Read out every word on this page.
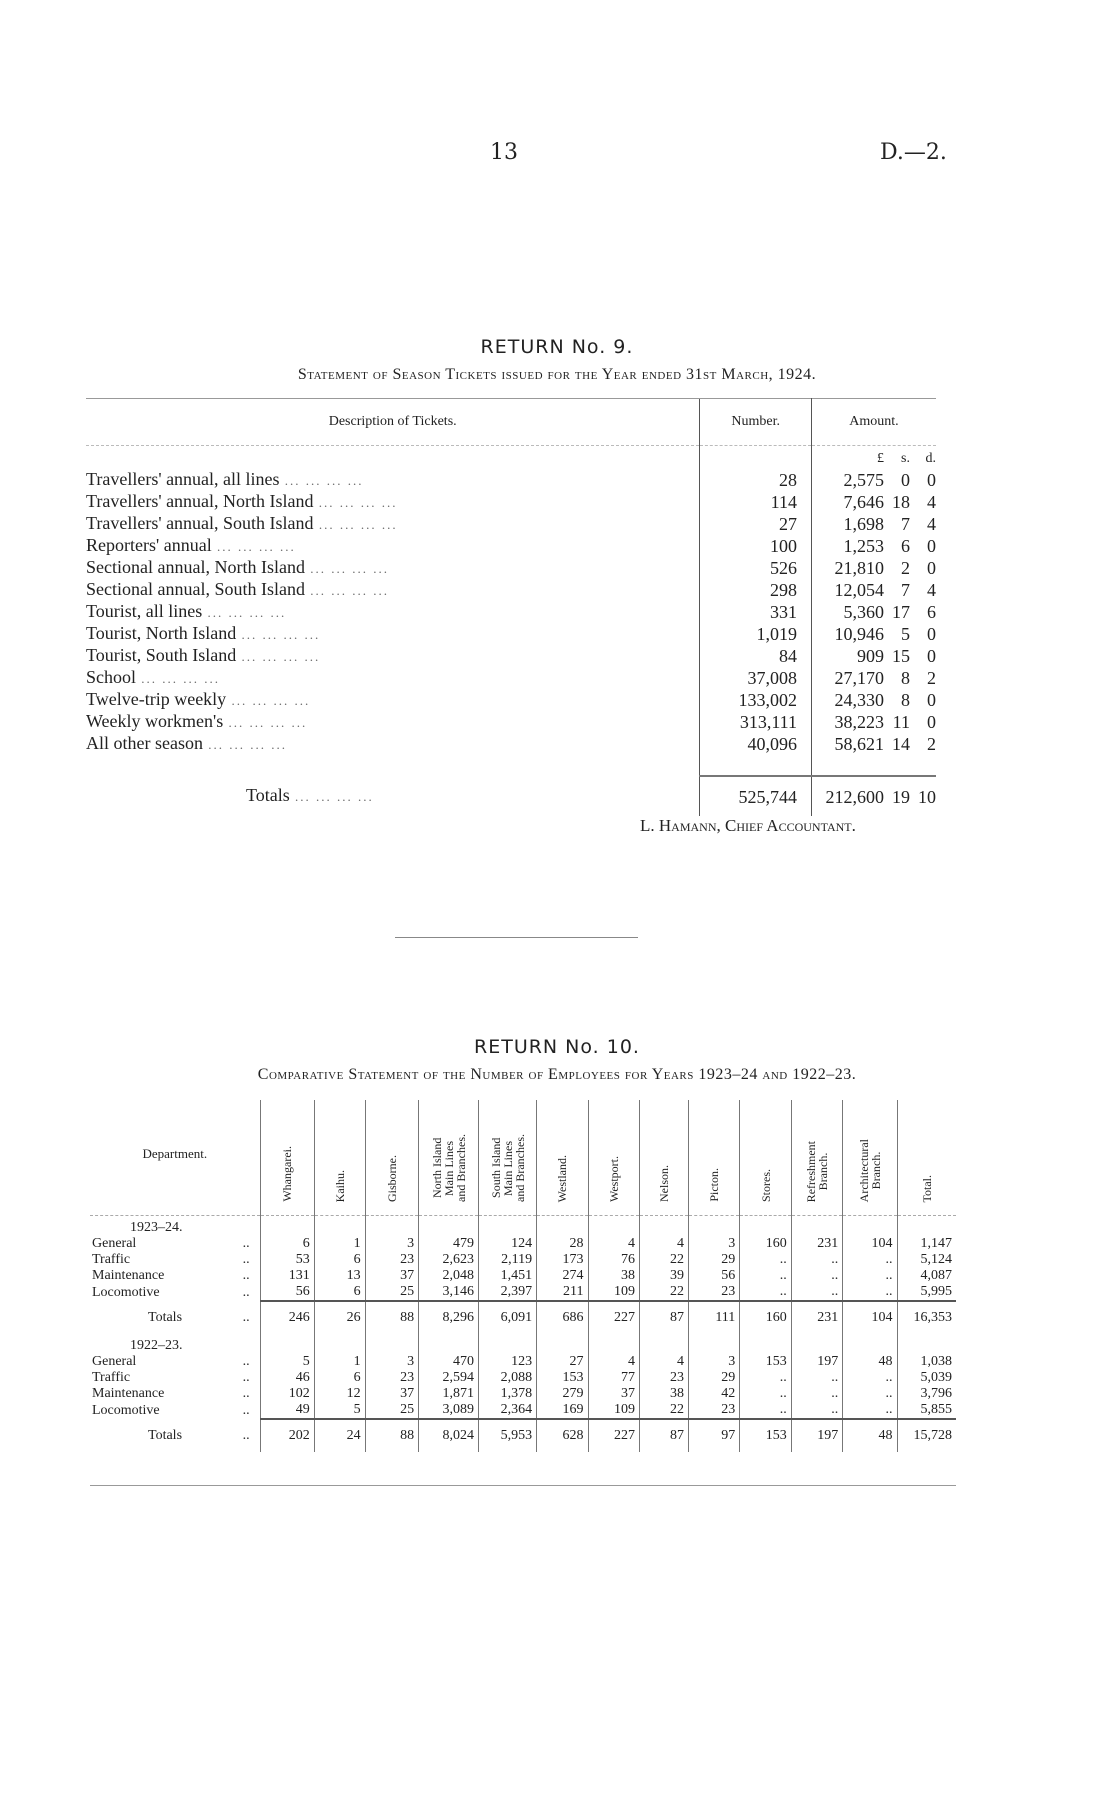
13	D.—2.
RETURN No. 9.
Statement of Season Tickets issued for the Year ended 31st March, 1924.
Description of Tickets.	Number.	Amount.
		£ s. d.
Travellers' annual, all lines ... ... ... ...	28	2,575 0 0
Travellers' annual, North Island ... ... ... ...	114	7,646 18 4
Travellers' annual, South Island ... ... ... ...	27	1,698 7 4
Reporters' annual ... ... ... ...	100	1,253 6 0
Sectional annual, North Island ... ... ... ...	526	21,810 2 0
Sectional annual, South Island ... ... ... ...	298	12,054 7 4
Tourist, all lines ... ... ... ...	331	5,360 17 6
Tourist, North Island ... ... ... ...	1,019	10,946 5 0
Tourist, South Island ... ... ... ...	84	909 15 0
School ... ... ... ...	37,008	27,170 8 2
Twelve-trip weekly ... ... ... ...	133,002	24,330 8 0
Weekly workmen's ... ... ... ...	313,111	38,223 11 0
All other season ... ... ... ...	40,096	58,621 14 2

Totals ... ... ... ...	525,744	212,600 19 10
L. Hamann, Chief Accountant.
RETURN No. 10.
Comparative Statement of the Number of Employees for Years 1923–24 and 1922–23.
Department.	Whangarei.	Kaihu.	Gisborne.	North Island
Main Lines
and Branches.	South Island
Main Lines
and Branches.	Westland.	Westport.	Nelson.	Picton.	Stores.	Refreshment
Branch.	Architectural
Branch.	Total.
1923–24.													
General ..	6	1	3	479	124	28	4	4	3	160	231	104	1,147
Traffic ..	53	6	23	2,623	2,119	173	76	22	29	..	..	..	5,124
Maintenance ..	131	13	37	2,048	1,451	274	38	39	56	..	..	..	4,087
Locomotive ..	56	6	25	3,146	2,397	211	109	22	23	..	..	..	5,995
Totals ..	246	26	88	8,296	6,091	686	227	87	111	160	231	104	16,353
1922–23.													
General ..	5	1	3	470	123	27	4	4	3	153	197	48	1,038
Traffic ..	46	6	23	2,594	2,088	153	77	23	29	..	..	..	5,039
Maintenance ..	102	12	37	1,871	1,378	279	37	38	42	..	..	..	3,796
Locomotive ..	49	5	25	3,089	2,364	169	109	22	23	..	..	..	5,855
Totals ..	202	24	88	8,024	5,953	628	227	87	97	153	197	48	15,728
